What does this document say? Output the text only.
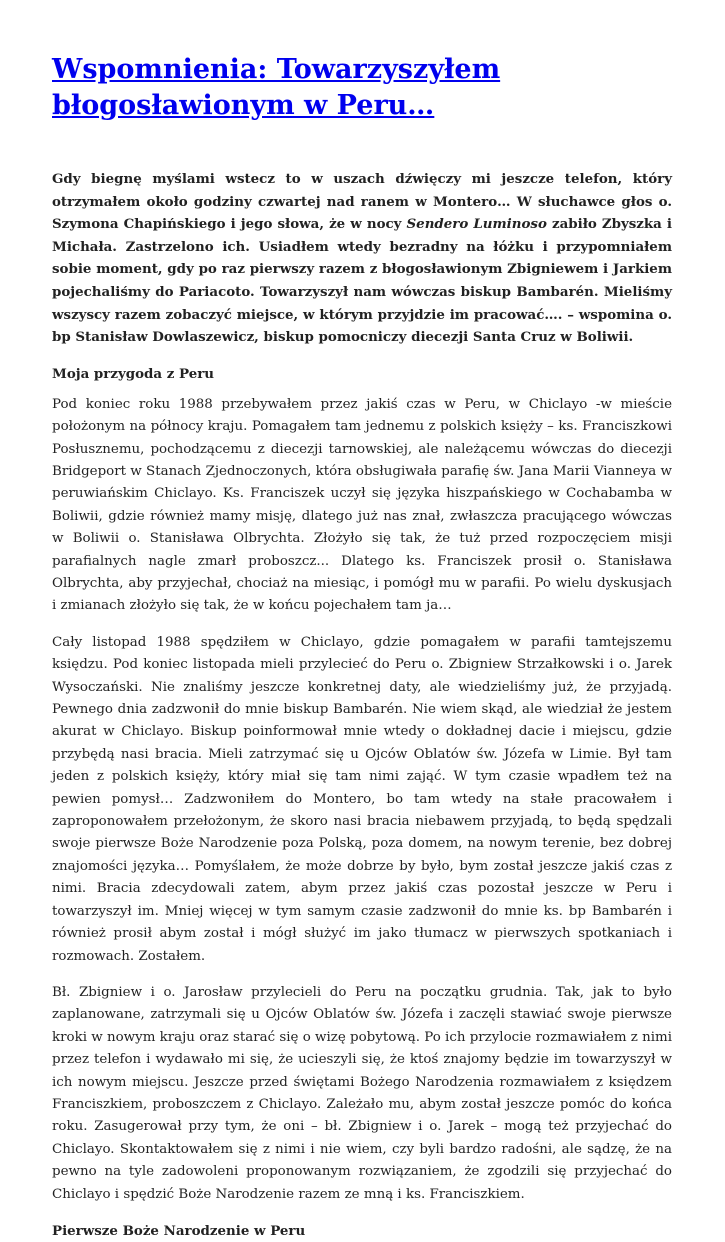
Wspomnienia: Towarzyszyłem błogosławionym w Peru…

Gdy biegnę myślami wstecz to w uszach dźwięczy mi jeszcze telefon, który otrzymałem około godziny czwartej nad ranem w Montero… W słuchawce głos o. Szymona Chapińskiego i jego słowa, że w nocy Sendero Luminoso zabiło Zbyszka i Michała. Zastrzelono ich. Usiadłem wtedy bezradny na łóżku i przypomniałem sobie moment, gdy po raz pierwszy razem z błogosławionym Zbigniewem i Jarkiem pojechaliśmy do Pariacoto. Towarzyszył nam wówczas biskup Bambarén. Mieliśmy wszyscy razem zobaczyć miejsce, w którym przyjdzie im pracować…. – wspomina o. bp Stanisław Dowlaszewicz, biskup pomocniczy diecezji Santa Cruz w Boliwii.

Moja przygoda z Peru

Pod koniec roku 1988 przebywałem przez jakiś czas w Peru, w Chiclayo -w mieście położonym na północy kraju. Pomagałem tam jednemu z polskich księży – ks. Franciszkowi Posłusznemu, pochodzącemu z diecezji tarnowskiej, ale należącemu wówczas do diecezji Bridgeport w Stanach Zjednoczonych, która obsługiwała parafię św. Jana Marii Vianneya w peruwiańskim Chiclayo. Ks. Franciszek uczył się języka hiszpańskiego w Cochabamba w Boliwii, gdzie również mamy misję, dlatego już nas znał, zwłaszcza pracującego wówczas w Boliwii o. Stanisława Olbrychta. Złożyło się tak, że tuż przed rozpoczęciem misji parafialnych nagle zmarł proboszcz... Dlatego ks. Franciszek prosił o. Stanisława Olbrychta, aby przyjechał, chociaż na miesiąc, i pomógł mu w parafii. Po wielu dyskusjach i zmianach złożyło się tak, że w końcu pojechałem tam ja…

Cały listopad 1988 spędziłem w Chiclayo, gdzie pomagałem w parafii tamtejszemu księdzu. Pod koniec listopada mieli przylecieć do Peru o. Zbigniew Strzałkowski i o. Jarek Wysoczański. Nie znaliśmy jeszcze konkretnej daty, ale wiedzieliśmy już, że przyjadą. Pewnego dnia zadzwonił do mnie biskup Bambarén. Nie wiem skąd, ale wiedział że jestem akurat w Chiclayo. Biskup poinformował mnie wtedy o dokładnej dacie i miejscu, gdzie przybędą nasi bracia. Mieli zatrzymać się u Ojców Oblatów św. Józefa w Limie. Był tam jeden z polskich księży, który miał się tam nimi zająć. W tym czasie wpadłem też na pewien pomysł… Zadzwoniłem do Montero, bo tam wtedy na stałe pracowałem i zaproponowałem przełożonym, że skoro nasi bracia niebawem przyjadą, to będą spędzali swoje pierwsze Boże Narodzenie poza Polską, poza domem, na nowym terenie, bez dobrej znajomości języka… Pomyślałem, że może dobrze by było, bym został jeszcze jakiś czas z nimi. Bracia zdecydowali zatem, abym przez jakiś czas pozostał jeszcze w Peru i towarzyszył im. Mniej więcej w tym samym czasie zadzwonił do mnie ks. bp Bambarén i również prosił abym został i mógł służyć im jako tłumacz w pierwszych spotkaniach i rozmowach. Zostałem.

Bł. Zbigniew i o. Jarosław przylecieli do Peru na początku grudnia. Tak, jak to było zaplanowane, zatrzymali się u Ojców Oblatów św. Józefa i zaczęli stawiać swoje pierwsze kroki w nowym kraju oraz starać się o wizę pobytową. Po ich przylocie rozmawiałem z nimi przez telefon i wydawało mi się, że ucieszyli się, że ktoś znajomy będzie im towarzyszył w ich nowym miejscu. Jeszcze przed świętami Bożego Narodzenia rozmawiałem z księdzem Franciszkiem, proboszczem z Chiclayo. Zależało mu, abym został jeszcze pomóc do końca roku. Zasugerował przy tym, że oni – bł. Zbigniew i o. Jarek – mogą też przyjechać do Chiclayo. Skontaktowałem się z nimi i nie wiem, czy byli bardzo radośni, ale sądzę, że na pewno na tyle zadowoleni proponowanym rozwiązaniem, że zgodzili się przyjechać do Chiclayo i spędzić Boże Narodzenie razem ze mną i ks. Franciszkiem.

Pierwsze Boże Narodzenie w Peru
